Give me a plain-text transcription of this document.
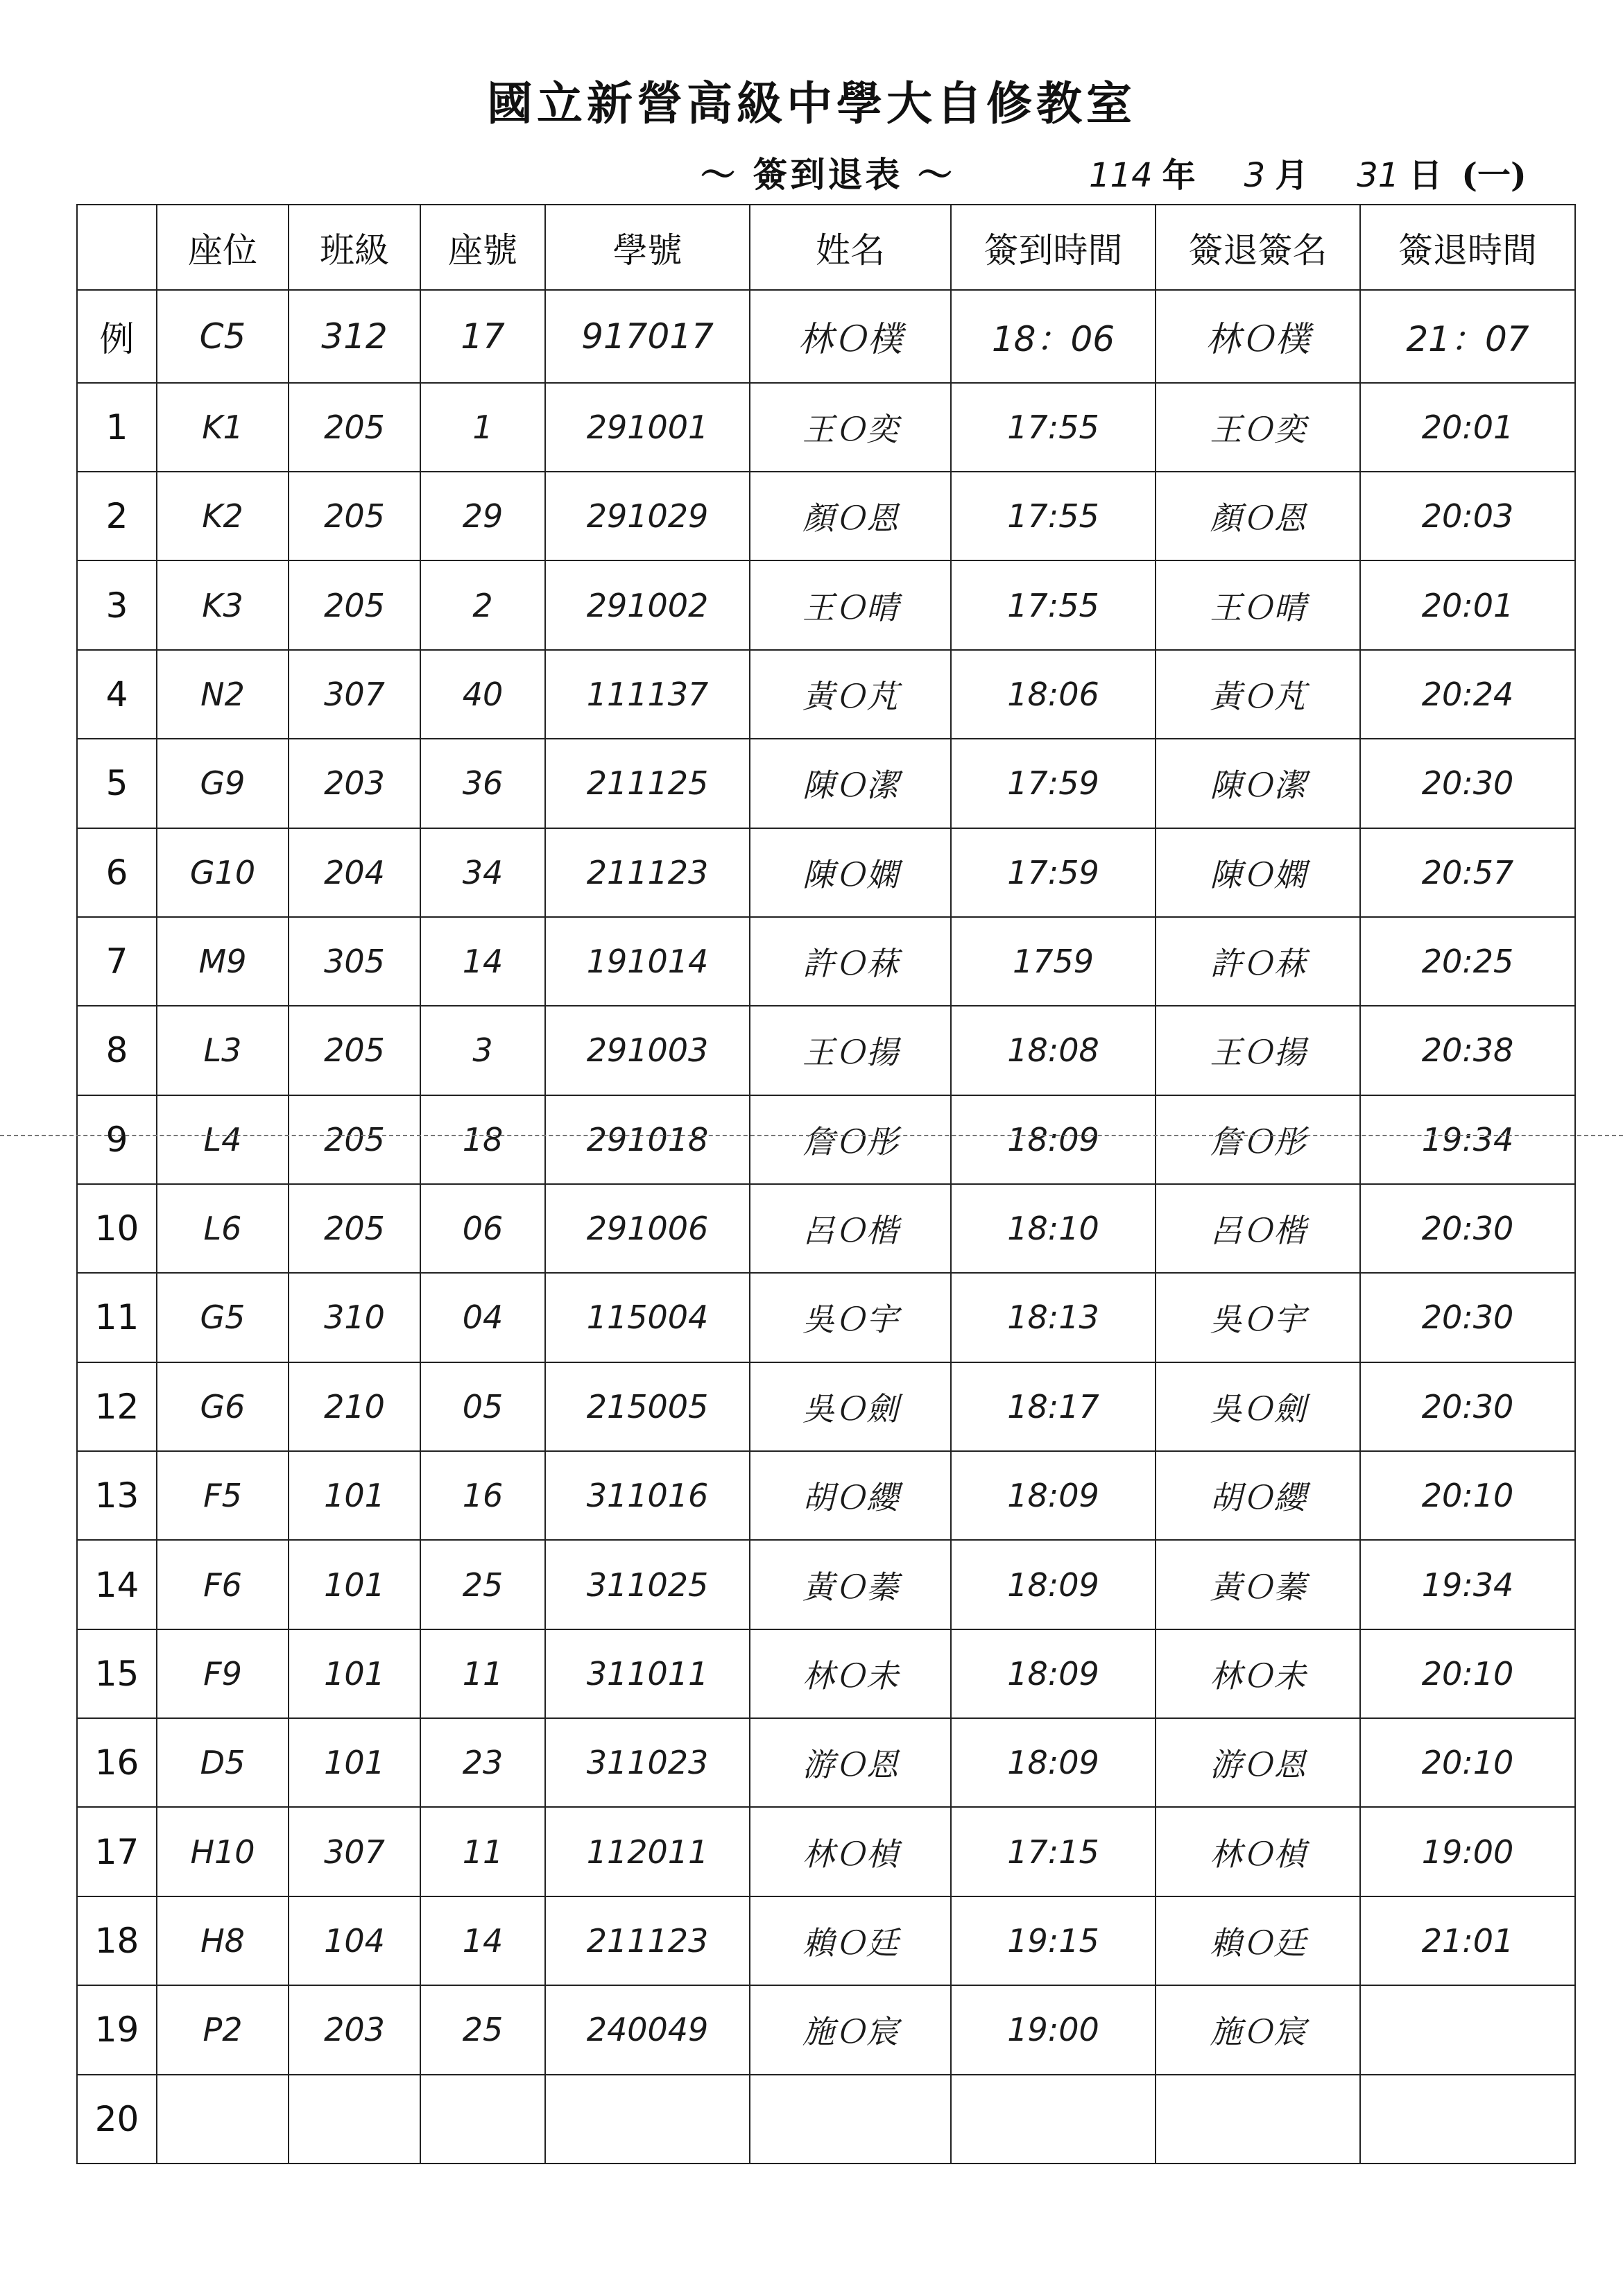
國立新營高級中學大自修教室
～ 簽到退表 ～	114 年 3 月 31 日 (一)
	座位	班級	座號	學號	姓名	簽到時間	簽退簽名	簽退時間
例	C5	312	17	917017	林Ｏ樸	18：06	林Ｏ樸	21：07
1	K1	205	1	291001	王Ｏ奕	17:55	王Ｏ奕	20:01
2	K2	205	29	291029	顏Ｏ恩	17:55	顏Ｏ恩	20:03
3	K3	205	2	291002	王Ｏ晴	17:55	王Ｏ晴	20:01
4	N2	307	40	111137	黃Ｏ芃	18:06	黃Ｏ芃	20:24
5	G9	203	36	211125	陳Ｏ潔	17:59	陳Ｏ潔	20:30
6	G10	204	34	211123	陳Ｏ嫻	17:59	陳Ｏ嫻	20:57
7	M9	305	14	191014	許Ｏ菻	1759	許Ｏ菻	20:25
8	L3	205	3	291003	王Ｏ揚	18:08	王Ｏ揚	20:38
9	L4	205	18	291018	詹Ｏ彤	18:09	詹Ｏ彤	19:34
10	L6	205	06	291006	呂Ｏ楷	18:10	呂Ｏ楷	20:30
11	G5	310	04	115004	吳Ｏ宇	18:13	吳Ｏ宇	20:30
12	G6	210	05	215005	吳Ｏ劍	18:17	吳Ｏ劍	20:30
13	F5	101	16	311016	胡Ｏ纓	18:09	胡Ｏ纓	20:10
14	F6	101	25	311025	黃Ｏ蓁	18:09	黃Ｏ蓁	19:34
15	F9	101	11	311011	林Ｏ未	18:09	林Ｏ未	20:10
16	D5	101	23	311023	游Ｏ恩	18:09	游Ｏ恩	20:10
17	H10	307	11	112011	林Ｏ楨	17:15	林Ｏ楨	19:00
18	H8	104	14	211123	賴Ｏ廷	19:15	賴Ｏ廷	21:01
19	P2	203	25	240049	施Ｏ宸	19:00	施Ｏ宸	
20								
